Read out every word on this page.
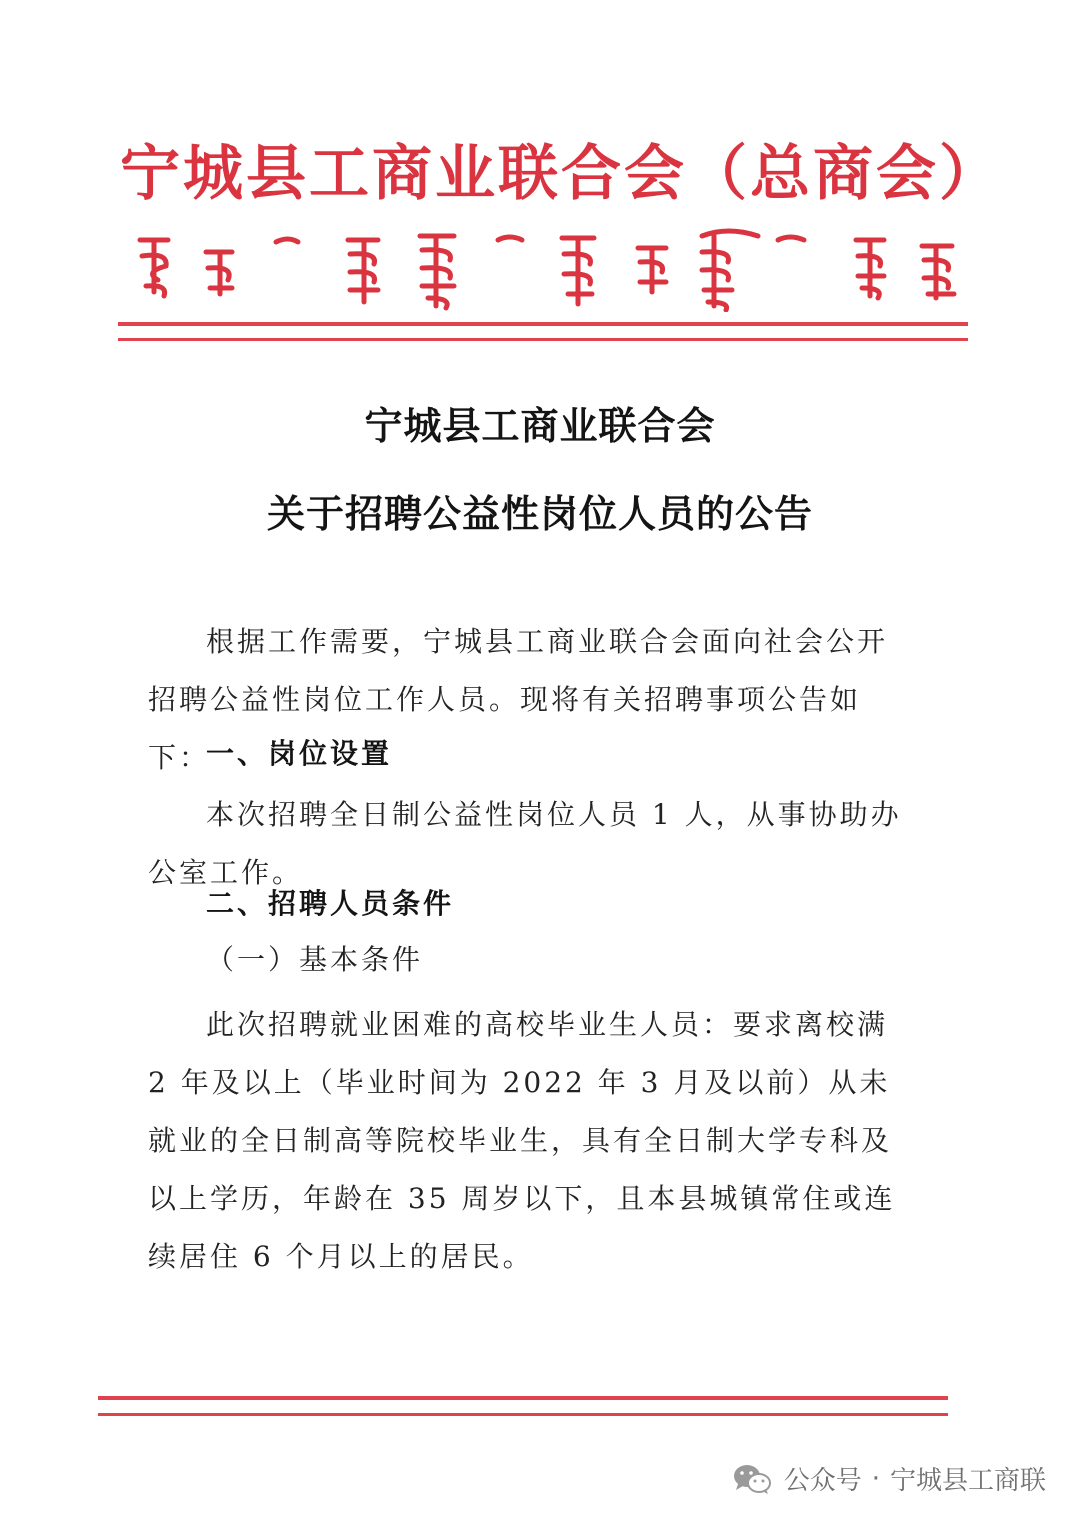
宁城县工商业联合会（总商会）
宁城县工商业联合会
关于招聘公益性岗位人员的公告
根据工作需要，宁城县工商业联合会面向社会公开招聘公益性岗位工作人员。现将有关招聘事项公告如下：
一、岗位设置
本次招聘全日制公益性岗位人员 1 人，从事协助办公室工作。
二、招聘人员条件
（一）基本条件
此次招聘就业困难的高校毕业生人员：要求离校满 2 年及以上（毕业时间为 2022 年 3 月及以前）从未就业的全日制高等院校毕业生，具有全日制大学专科及以上学历，年龄在 35 周岁以下，且本县城镇常住或连续居住 6 个月以上的居民。
公众号 · 宁城县工商联
